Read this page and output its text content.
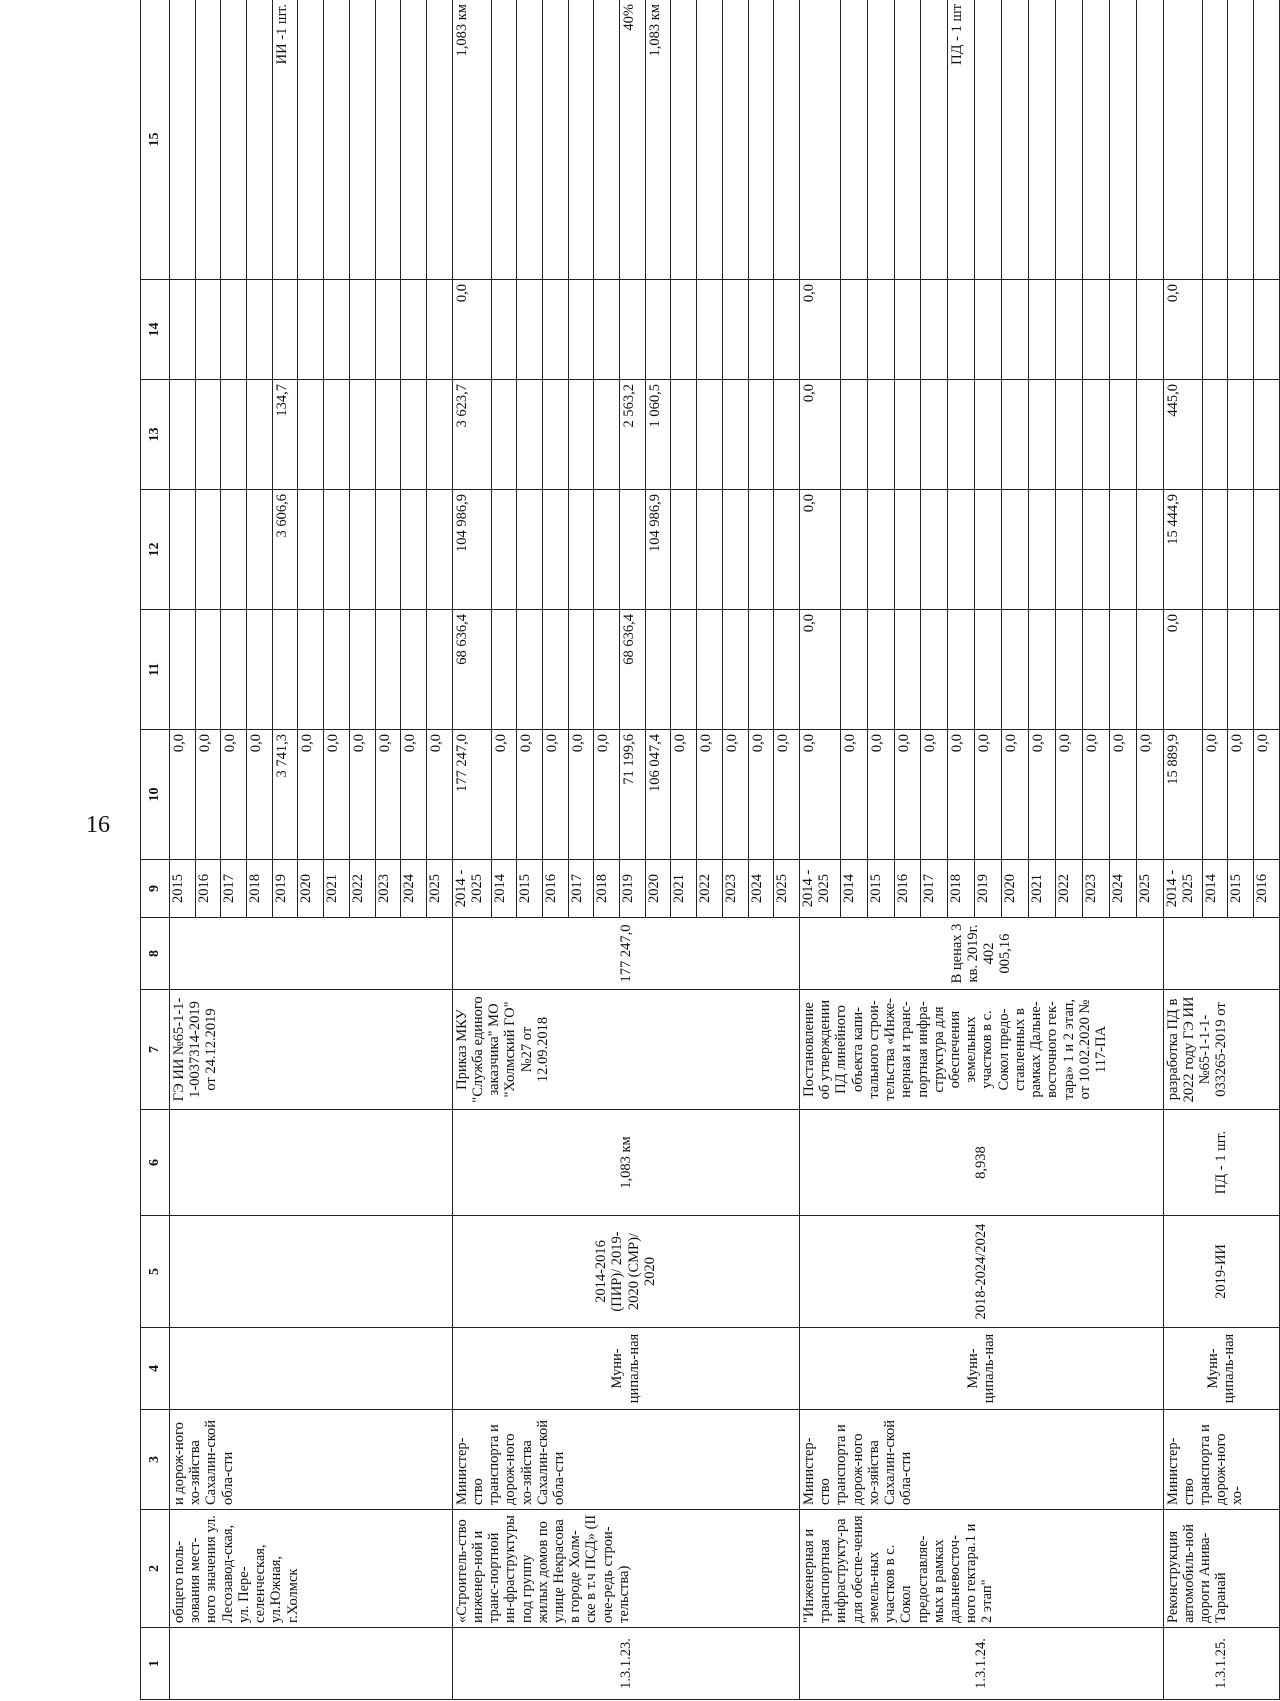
16
1	2	3	4	5	6	7	8	9	10	11	12	13	14	15
	общего поль-зования мест-ного значения ул. Лесозавод-ская, ул. Пере-селенческая, ул.Южная, г.Холмск	и дорож-ного хо-зяйства Сахалин-ской обла-сти				ГЭ ИИ №65-1-1-1-0037314-2019 от 24.12.2019		2015	0,0					
								2016	0,0					
								2017	0,0					
								2018	0,0					
								2019	3 741,3		3 606,6	134,7		ИИ -1 шт.
								2020	0,0					
								2021	0,0					
								2022	0,0					
								2023	0,0					
								2024	0,0					
								2025	0,0					
1.3.1.23.	«Строитель-ство инженер-ной и транс-портной ин-фраструктуры под группу жилых домов по улице Некрасова в городе Холм-ске в т.ч ПСД» (II оче-редь строи-тельства)	Министер-ство транспорта и дорож-ного хо-зяйства Сахалин-ской обла-сти	Муни-ципаль-ная	2014-2016 (ПИР)/ 2019-2020 (СМР)/ 2020	1,083 км	Приказ МКУ "Служба единого заказчика" МО "Холмский ГО" №27 от 12.09.2018	177 247,0	2014 - 2025	177 247,0	68 636,4	104 986,9	3 623,7	0,0	1,083 км
								2014	0,0					
								2015	0,0					
								2016	0,0					
								2017	0,0					
								2018	0,0					
								2019	71 199,6	68 636,4		2 563,2		40%
								2020	106 047,4		104 986,9	1 060,5		1,083 км
								2021	0,0					
								2022	0,0					
								2023	0,0					
								2024	0,0					
								2025	0,0					
1.3.1.24.	"Инженерная и транспортная инфраструкту-ра для обеспе-чения земель-ных участков в с. Сокол предоставляе-мых в рамках дальневосточ-ного гектара.1 и 2 этап"	Министер-ство транспорта и дорож-ного хо-зяйства Сахалин-ской обла-сти	Муни-ципаль-ная	2018-2024/2024	8,938	Постановление об утверждении ПД линейного объекта капи-тального строи-тельства «Инже-нерная и транс-портная инфра-структура для обеспечения земельных участков в с. Сокол предо-ставленных в рамках Дальне-восточного гек-тара» 1 и 2 этап, от 10.02.2020 № 117-ПА	В ценах 3 кв. 2019г. 402 005,16	2014 - 2025	0,0	0,0	0,0	0,0	0,0	
								2014	0,0					
								2015	0,0					
								2016	0,0					
								2017	0,0					
								2018	0,0					ПД - 1 шт
								2019	0,0					
								2020	0,0					
								2021	0,0					
								2022	0,0					
								2023	0,0					
								2024	0,0					
								2025	0,0					
1.3.1.25.	Реконструкция автомобиль-ной дороги Анива-Таранай	Министер-ство транспорта и дорож-ного хо-	Муни-ципаль-ная	2019-ИИ	ПД - 1 шт.	разработка ПД в 2022 году ГЭ ИИ №65-1-1-1-033265-2019 от		2014 - 2025	15 889,9	0,0	15 444,9	445,0	0,0	
								2014	0,0					
								2015	0,0					
								2016	0,0					
